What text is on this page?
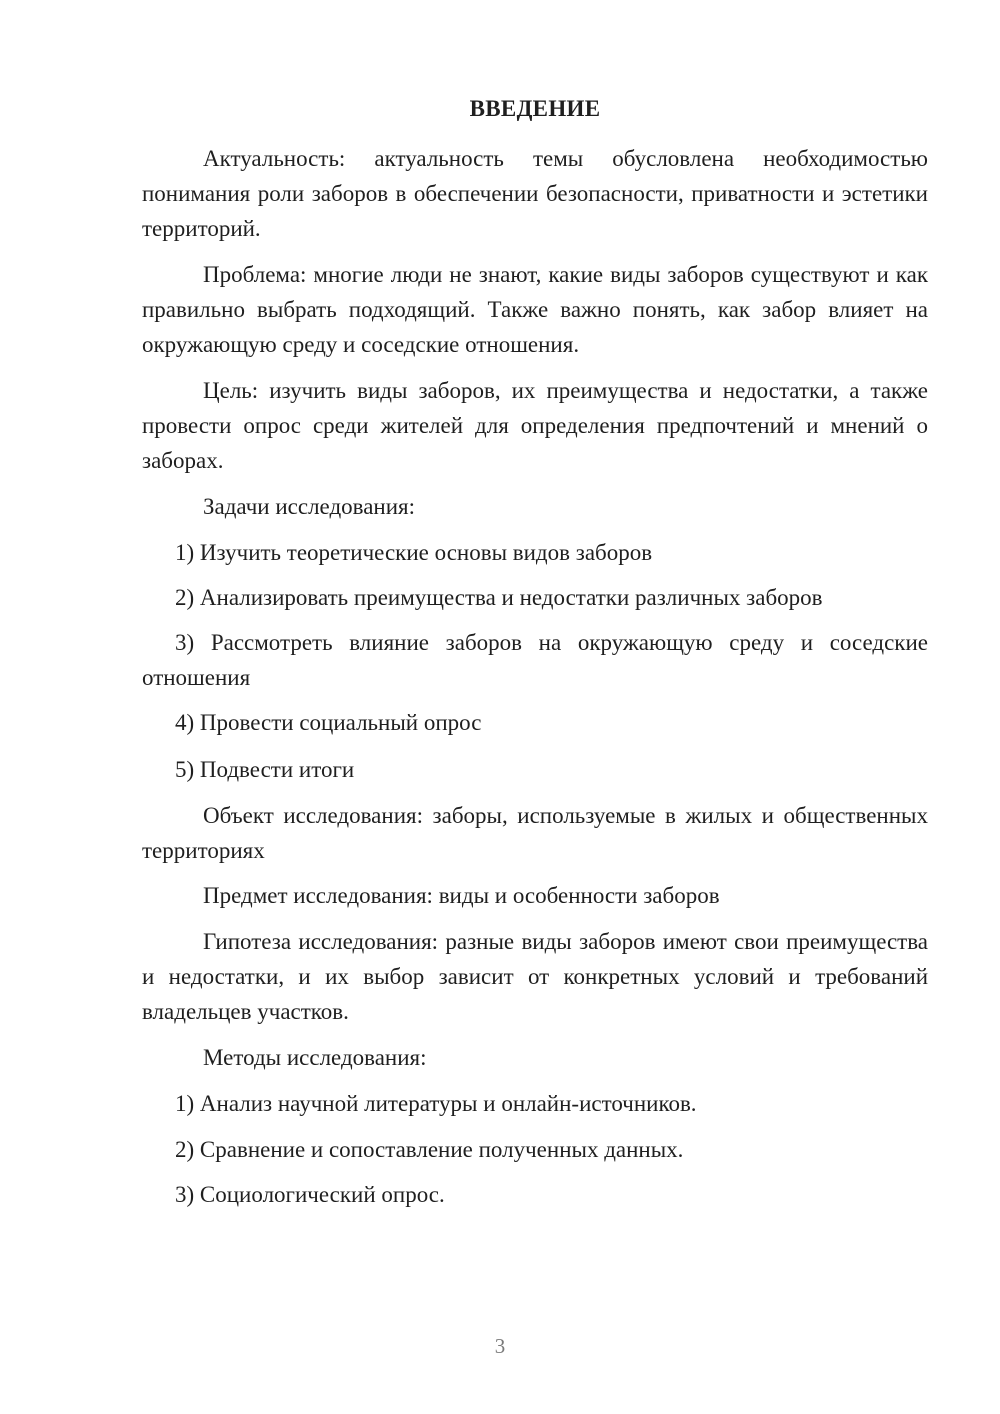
ВВЕДЕНИЕ

Актуальность: актуальность темы обусловлена необходимостью понимания роли заборов в обеспечении безопасности, приватности и эстетики территорий.

Проблема: многие люди не знают, какие виды заборов существуют и как правильно выбрать подходящий. Также важно понять, как забор влияет на окружающую среду и соседские отношения.

Цель: изучить виды заборов, их преимущества и недостатки, а также провести опрос среди жителей для определения предпочтений и мнений о заборах.

Задачи исследования:

1) Изучить теоретические основы видов заборов

2) Анализировать преимущества и недостатки различных заборов

3) Рассмотреть влияние заборов на окружающую среду и соседские отношения

4) Провести социальный опрос

5) Подвести итоги

Объект исследования: заборы, используемые в жилых и общественных территориях

Предмет исследования: виды и особенности заборов

Гипотеза исследования: разные виды заборов имеют свои преимущества и недостатки, и их выбор зависит от конкретных условий и требований владельцев участков.

Методы исследования:

1) Анализ научной литературы и онлайн-источников.

2) Сравнение и сопоставление полученных данных.

3) Социологический опрос.

3
